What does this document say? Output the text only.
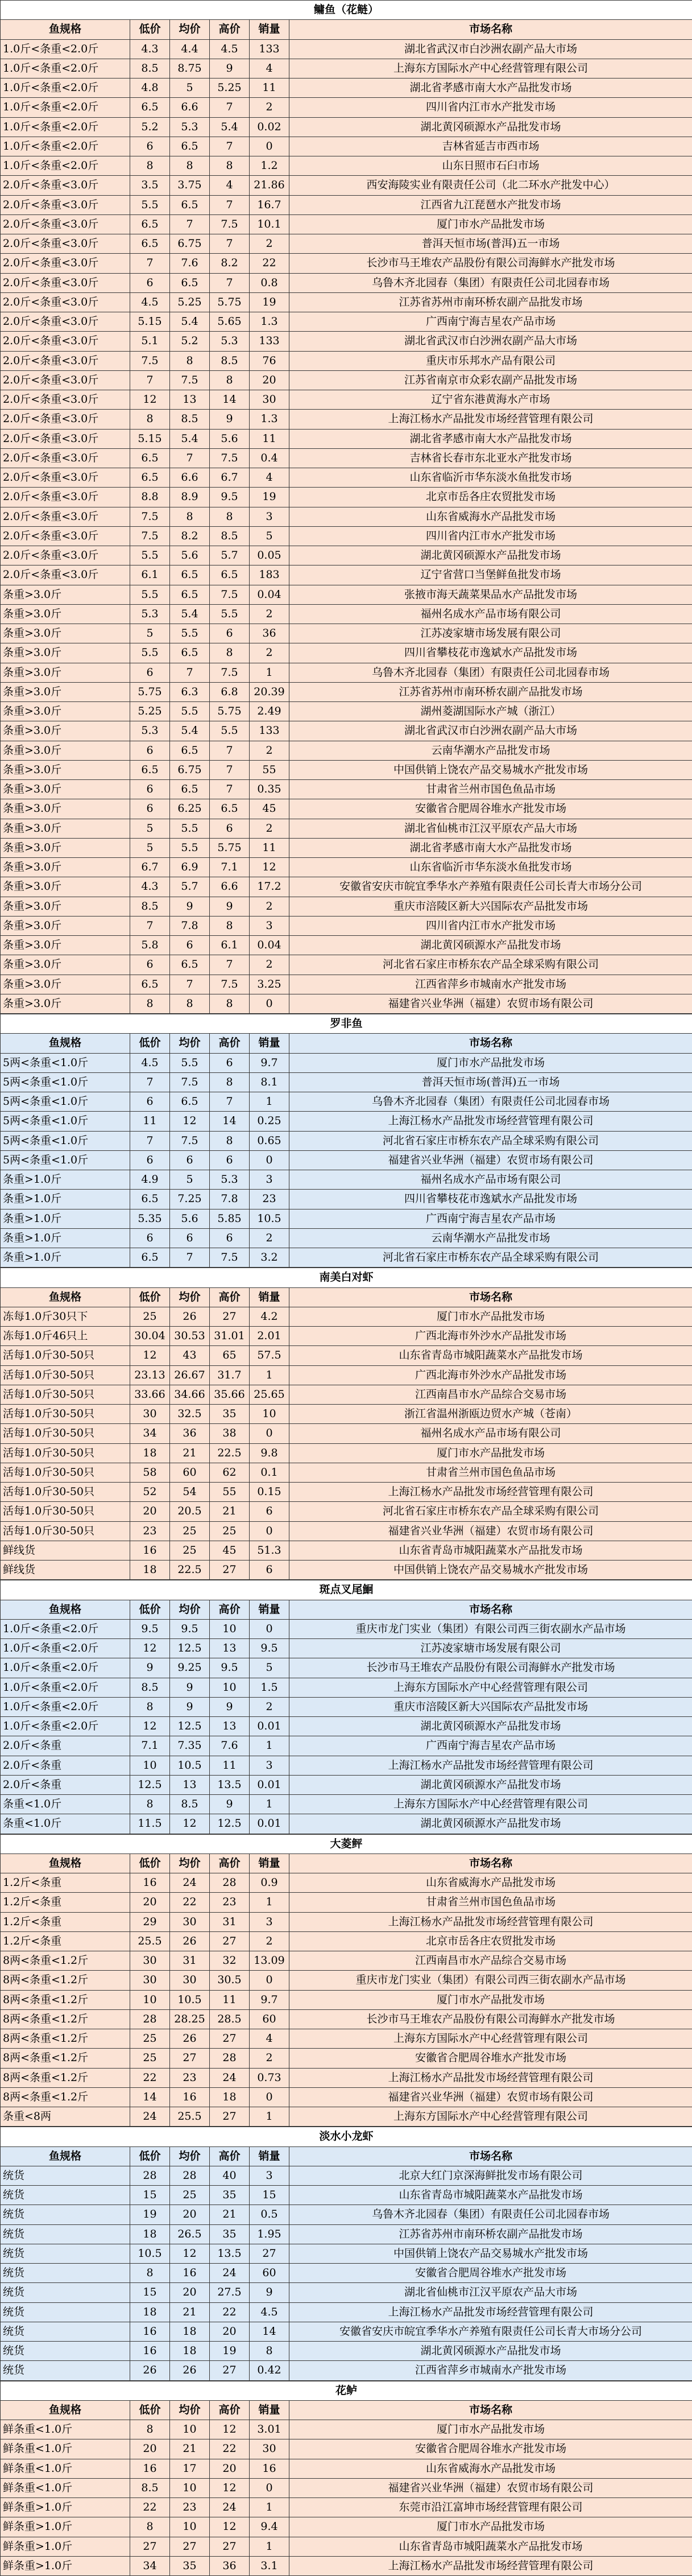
鳙鱼（花鲢）					
鱼规格	低价	均价	高价	销量	市场名称
1.0斤<条重<2.0斤	4.3	4.4	4.5	133	湖北省武汉市白沙洲农副产品大市场
1.0斤<条重<2.0斤	8.5	8.75	9	4	上海东方国际水产中心经营管理有限公司
1.0斤<条重<2.0斤	4.8	5	5.25	11	湖北省孝感市南大水产品批发市场
1.0斤<条重<2.0斤	6.5	6.6	7	2	四川省内江市水产批发市场
1.0斤<条重<2.0斤	5.2	5.3	5.4	0.02	湖北黄冈硕源水产品批发市场
1.0斤<条重<2.0斤	6	6.5	7	0	吉林省延吉市西市场
1.0斤<条重<2.0斤	8	8	8	1.2	山东日照市石臼市场
2.0斤<条重<3.0斤	3.5	3.75	4	21.86	西安海陵实业有限责任公司（北二环水产批发中心）
2.0斤<条重<3.0斤	5.5	6.5	7	16.7	江西省九江琵琶水产批发市场
2.0斤<条重<3.0斤	6.5	7	7.5	10.1	厦门市水产品批发市场
2.0斤<条重<3.0斤	6.5	6.75	7	2	普洱天恒市场(普洱)五一市场
2.0斤<条重<3.0斤	7	7.6	8.2	22	长沙市马王堆农产品股份有限公司海鲜水产批发市场
2.0斤<条重<3.0斤	6	6.5	7	0.8	乌鲁木齐北园春（集团）有限责任公司北园春市场
2.0斤<条重<3.0斤	4.5	5.25	5.75	19	江苏省苏州市南环桥农副产品批发市场
2.0斤<条重<3.0斤	5.15	5.4	5.65	1.3	广西南宁海吉星农产品市场
2.0斤<条重<3.0斤	5.1	5.2	5.3	133	湖北省武汉市白沙洲农副产品大市场
2.0斤<条重<3.0斤	7.5	8	8.5	76	重庆市乐邦水产品有限公司
2.0斤<条重<3.0斤	7	7.5	8	20	江苏省南京市众彩农副产品批发市场
2.0斤<条重<3.0斤	12	13	14	30	辽宁省东港黄海水产市场
2.0斤<条重<3.0斤	8	8.5	9	1.3	上海江杨水产品批发市场经营管理有限公司
2.0斤<条重<3.0斤	5.15	5.4	5.6	11	湖北省孝感市南大水产品批发市场
2.0斤<条重<3.0斤	6.5	7	7.5	0.4	吉林省长春市东北亚水产批发市场
2.0斤<条重<3.0斤	6.5	6.6	6.7	4	山东省临沂市华东淡水鱼批发市场
2.0斤<条重<3.0斤	8.8	8.9	9.5	19	北京市岳各庄农贸批发市场
2.0斤<条重<3.0斤	7.5	8	8	3	山东省威海水产品批发市场
2.0斤<条重<3.0斤	7.5	8.2	8.5	5	四川省内江市水产批发市场
2.0斤<条重<3.0斤	5.5	5.6	5.7	0.05	湖北黄冈硕源水产品批发市场
2.0斤<条重<3.0斤	6.1	6.5	6.5	183	辽宁省营口当堡鲜鱼批发市场
条重>3.0斤	5.5	6.5	7.5	0.04	张掖市海天蔬菜果品水产品批发市场
条重>3.0斤	5.3	5.4	5.5	2	福州名成水产品市场有限公司
条重>3.0斤	5	5.5	6	36	江苏凌家塘市场发展有限公司
条重>3.0斤	5.5	6.5	8	2	四川省攀枝花市逸斌水产品批发市场
条重>3.0斤	6	7	7.5	1	乌鲁木齐北园春（集团）有限责任公司北园春市场
条重>3.0斤	5.75	6.3	6.8	20.39	江苏省苏州市南环桥农副产品批发市场
条重>3.0斤	5.25	5.5	5.75	2.49	湖州菱湖国际水产城（浙江）
条重>3.0斤	5.3	5.4	5.5	133	湖北省武汉市白沙洲农副产品大市场
条重>3.0斤	6	6.5	7	2	云南华潮水产品批发市场
条重>3.0斤	6.5	6.75	7	55	中国供销上饶农产品交易城水产批发市场
条重>3.0斤	6	6.5	7	0.35	甘肃省兰州市国色鱼品市场
条重>3.0斤	6	6.25	6.5	45	安徽省合肥周谷堆水产批发市场
条重>3.0斤	5	5.5	6	2	湖北省仙桃市江汉平原农产品大市场
条重>3.0斤	5	5.5	5.75	11	湖北省孝感市南大水产品批发市场
条重>3.0斤	6.7	6.9	7.1	12	山东省临沂市华东淡水鱼批发市场
条重>3.0斤	4.3	5.7	6.6	17.2	安徽省安庆市皖宜季华水产养殖有限责任公司长青大市场分公司
条重>3.0斤	8.5	9	9	2	重庆市涪陵区新大兴国际农产品批发市场
条重>3.0斤	7	7.8	8	3	四川省内江市水产批发市场
条重>3.0斤	5.8	6	6.1	0.04	湖北黄冈硕源水产品批发市场
条重>3.0斤	6	6.5	7	2	河北省石家庄市桥东农产品全球采购有限公司
条重>3.0斤	6.5	7	7.5	3.25	江西省萍乡市城南水产批发市场
条重>3.0斤	8	8	8	0	福建省兴业华洲（福建）农贸市场有限公司
罗非鱼					
鱼规格	低价	均价	高价	销量	市场名称
5两<条重<1.0斤	4.5	5.5	6	9.7	厦门市水产品批发市场
5两<条重<1.0斤	7	7.5	8	8.1	普洱天恒市场(普洱)五一市场
5两<条重<1.0斤	6	6.5	7	1	乌鲁木齐北园春（集团）有限责任公司北园春市场
5两<条重<1.0斤	11	12	14	0.25	上海江杨水产品批发市场经营管理有限公司
5两<条重<1.0斤	7	7.5	8	0.65	河北省石家庄市桥东农产品全球采购有限公司
5两<条重<1.0斤	6	6	6	0	福建省兴业华洲（福建）农贸市场有限公司
条重>1.0斤	4.9	5	5.3	3	福州名成水产品市场有限公司
条重>1.0斤	6.5	7.25	7.8	23	四川省攀枝花市逸斌水产品批发市场
条重>1.0斤	5.35	5.6	5.85	10.5	广西南宁海吉星农产品市场
条重>1.0斤	6	6	6	2	云南华潮水产品批发市场
条重>1.0斤	6.5	7	7.5	3.2	河北省石家庄市桥东农产品全球采购有限公司
南美白对虾					
鱼规格	低价	均价	高价	销量	市场名称
冻每1.0斤30只下	25	26	27	4.2	厦门市水产品批发市场
冻每1.0斤46只上	30.04	30.53	31.01	2.01	广西北海市外沙水产品批发市场
活每1.0斤30-50只	12	43	65	57.5	山东省青岛市城阳蔬菜水产品批发市场
活每1.0斤30-50只	23.13	26.67	31.7	1	广西北海市外沙水产品批发市场
活每1.0斤30-50只	33.66	34.66	35.66	25.65	江西南昌市水产品综合交易市场
活每1.0斤30-50只	30	32.5	35	10	浙江省温州浙瓯边贸水产城（苍南）
活每1.0斤30-50只	34	36	38	0	福州名成水产品市场有限公司
活每1.0斤30-50只	18	21	22.5	9.8	厦门市水产品批发市场
活每1.0斤30-50只	58	60	62	0.1	甘肃省兰州市国色鱼品市场
活每1.0斤30-50只	52	54	55	0.15	上海江杨水产品批发市场经营管理有限公司
活每1.0斤30-50只	20	20.5	21	6	河北省石家庄市桥东农产品全球采购有限公司
活每1.0斤30-50只	23	25	25	0	福建省兴业华洲（福建）农贸市场有限公司
鲜线货	16	25	45	51.3	山东省青岛市城阳蔬菜水产品批发市场
鲜线货	18	22.5	27	6	中国供销上饶农产品交易城水产批发市场
斑点叉尾鮰					
鱼规格	低价	均价	高价	销量	市场名称
1.0斤<条重<2.0斤	9.5	9.5	10	0	重庆市龙门实业（集团）有限公司西三街农副水产品市场
1.0斤<条重<2.0斤	12	12.5	13	9.5	江苏凌家塘市场发展有限公司
1.0斤<条重<2.0斤	9	9.25	9.5	5	长沙市马王堆农产品股份有限公司海鲜水产批发市场
1.0斤<条重<2.0斤	8.5	9	10	1.5	上海东方国际水产中心经营管理有限公司
1.0斤<条重<2.0斤	8	9	9	2	重庆市涪陵区新大兴国际农产品批发市场
1.0斤<条重<2.0斤	12	12.5	13	0.01	湖北黄冈硕源水产品批发市场
2.0斤<条重	7.1	7.35	7.6	1	广西南宁海吉星农产品市场
2.0斤<条重	10	10.5	11	3	上海江杨水产品批发市场经营管理有限公司
2.0斤<条重	12.5	13	13.5	0.01	湖北黄冈硕源水产品批发市场
条重<1.0斤	8	8.5	9	1	上海东方国际水产中心经营管理有限公司
条重<1.0斤	11.5	12	12.5	0.01	湖北黄冈硕源水产品批发市场
大菱鲆					
鱼规格	低价	均价	高价	销量	市场名称
1.2斤<条重	16	24	28	0.9	山东省威海水产品批发市场
1.2斤<条重	20	22	23	1	甘肃省兰州市国色鱼品市场
1.2斤<条重	29	30	31	3	上海江杨水产品批发市场经营管理有限公司
1.2斤<条重	25.5	26	27	2	北京市岳各庄农贸批发市场
8两<条重<1.2斤	30	31	32	13.09	江西南昌市水产品综合交易市场
8两<条重<1.2斤	30	30	30.5	0	重庆市龙门实业（集团）有限公司西三街农副水产品市场
8两<条重<1.2斤	10	10.5	11	9.7	厦门市水产品批发市场
8两<条重<1.2斤	28	28.25	28.5	60	长沙市马王堆农产品股份有限公司海鲜水产批发市场
8两<条重<1.2斤	25	26	27	4	上海东方国际水产中心经营管理有限公司
8两<条重<1.2斤	25	27	28	2	安徽省合肥周谷堆水产批发市场
8两<条重<1.2斤	22	23	24	0.73	上海江杨水产品批发市场经营管理有限公司
8两<条重<1.2斤	14	16	18	0	福建省兴业华洲（福建）农贸市场有限公司
条重<8两	24	25.5	27	1	上海东方国际水产中心经营管理有限公司
淡水小龙虾					
鱼规格	低价	均价	高价	销量	市场名称
统货	28	28	40	3	北京大红门京深海鲜批发市场有限公司
统货	15	25	35	15	山东省青岛市城阳蔬菜水产品批发市场
统货	19	20	21	0.5	乌鲁木齐北园春（集团）有限责任公司北园春市场
统货	18	26.5	35	1.95	江苏省苏州市南环桥农副产品批发市场
统货	10.5	12	13.5	27	中国供销上饶农产品交易城水产批发市场
统货	8	16	24	60	安徽省合肥周谷堆水产批发市场
统货	15	20	27.5	9	湖北省仙桃市江汉平原农产品大市场
统货	18	21	22	4.5	上海江杨水产品批发市场经营管理有限公司
统货	16	18	20	14	安徽省安庆市皖宜季华水产养殖有限责任公司长青大市场分公司
统货	16	18	19	8	湖北黄冈硕源水产品批发市场
统货	26	26	27	0.42	江西省萍乡市城南水产批发市场
花鲈					
鱼规格	低价	均价	高价	销量	市场名称
鲜条重<1.0斤	8	10	12	3.01	厦门市水产品批发市场
鲜条重<1.0斤	20	21	22	30	安徽省合肥周谷堆水产批发市场
鲜条重<1.0斤	16	17	20	16	山东省威海水产品批发市场
鲜条重<1.0斤	8.5	10	12	0	福建省兴业华洲（福建）农贸市场有限公司
鲜条重>1.0斤	22	23	24	1	东莞市沿江富坤市场经营管理有限公司
鲜条重>1.0斤	8	10	12	9.4	厦门市水产品批发市场
鲜条重>1.0斤	27	27	27	1	山东省青岛市城阳蔬菜水产品批发市场
鲜条重>1.0斤	34	35	36	3.1	上海江杨水产品批发市场经营管理有限公司
